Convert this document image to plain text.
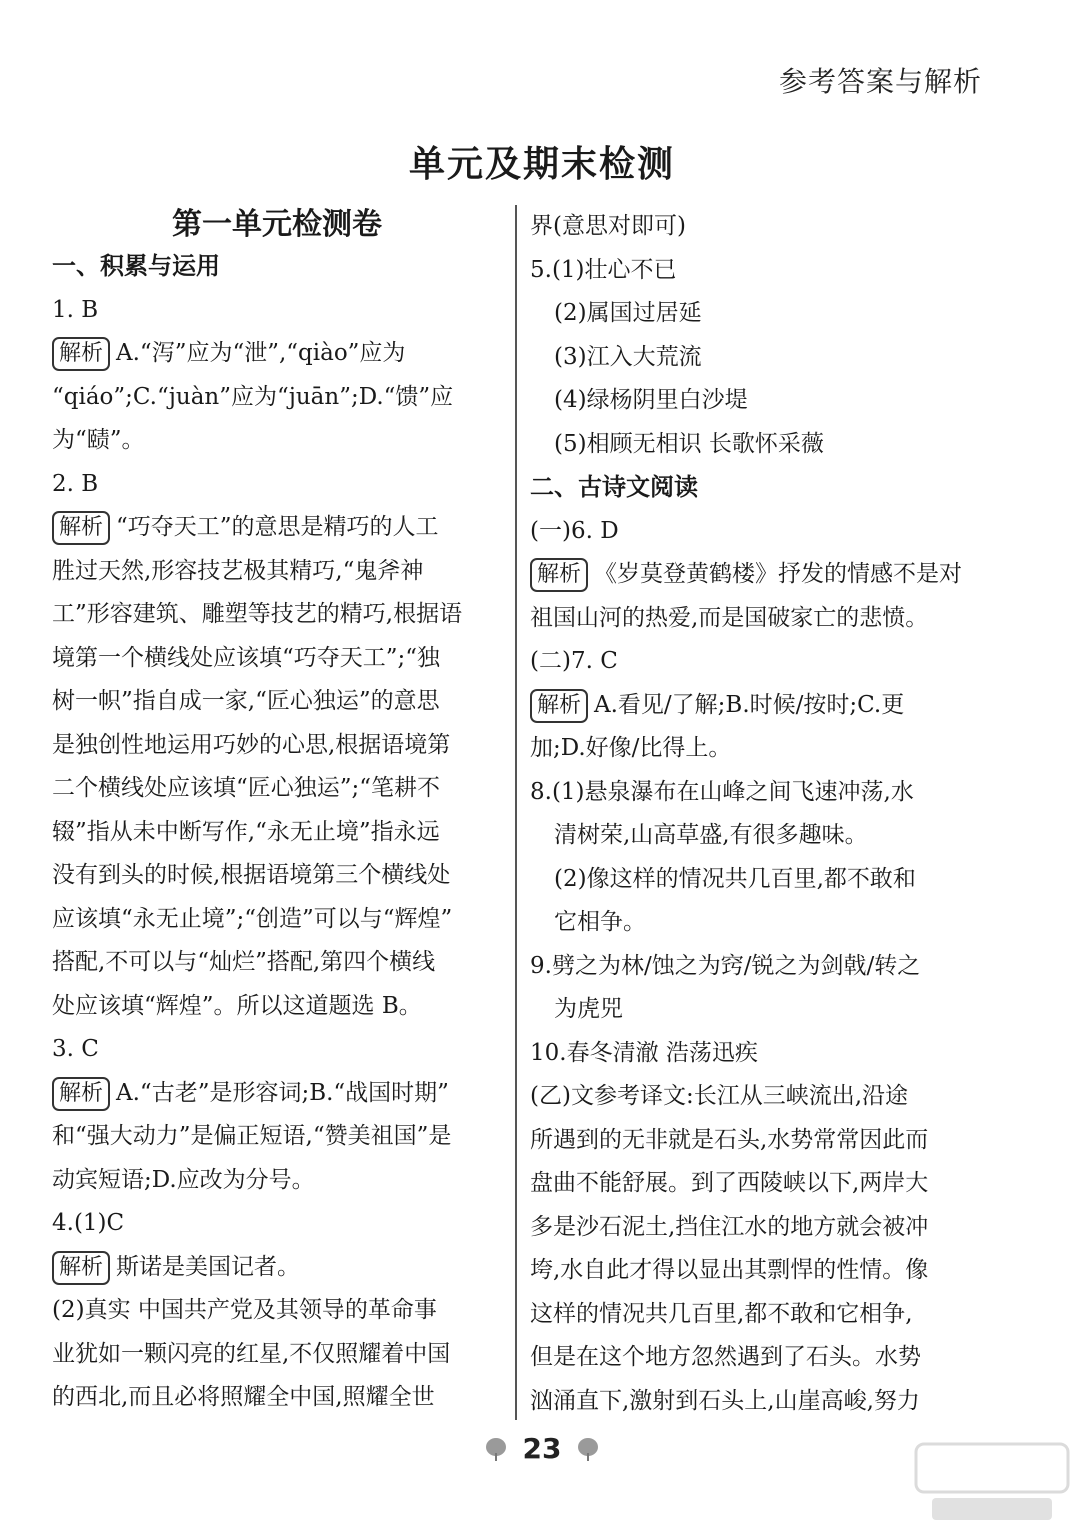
参考答案与解析
单元及期末检测
第一单元检测卷
一、积累与运用
1. B
解析 A.“泻”应为“泄”,“qiào”应为
“qiáo”;C.“juàn”应为“juān”;D.“馈”应
为“赜”。
2. B
解析 “巧夺天工”的意思是精巧的人工
胜过天然,形容技艺极其精巧,“鬼斧神
工”形容建筑、雕塑等技艺的精巧,根据语
境第一个横线处应该填“巧夺天工”;“独
树一帜”指自成一家,“匠心独运”的意思
是独创性地运用巧妙的心思,根据语境第
二个横线处应该填“匠心独运”;“笔耕不
辍”指从未中断写作,“永无止境”指永远
没有到头的时候,根据语境第三个横线处
应该填“永无止境”;“创造”可以与“辉煌”
搭配,不可以与“灿烂”搭配,第四个横线
处应该填“辉煌”。所以这道题选 B。
3. C
解析 A.“古老”是形容词;B.“战国时期”
和“强大动力”是偏正短语,“赞美祖国”是
动宾短语;D.应改为分号。
4.(1)C
解析 斯诺是美国记者。
(2)真实 中国共产党及其领导的革命事
业犹如一颗闪亮的红星,不仅照耀着中国
的西北,而且必将照耀全中国,照耀全世
界(意思对即可)
5.(1)壮心不已
(2)属国过居延
(3)江入大荒流
(4)绿杨阴里白沙堤
(5)相顾无相识 长歌怀采薇
二、古诗文阅读
(一)6. D
解析 《岁莫登黄鹤楼》抒发的情感不是对
祖国山河的热爱,而是国破家亡的悲愤。
(二)7. C
解析 A.看见/了解;B.时候/按时;C.更
加;D.好像/比得上。
8.(1)悬泉瀑布在山峰之间飞速冲荡,水
清树荣,山高草盛,有很多趣味。
(2)像这样的情况共几百里,都不敢和
它相争。
9.劈之为林/蚀之为窍/锐之为剑戟/转之
为虎兕
10.春冬清澈 浩荡迅疾
(乙)文参考译文:长江从三峡流出,沿途
所遇到的无非就是石头,水势常常因此而
盘曲不能舒展。到了西陵峡以下,两岸大
多是沙石泥土,挡住江水的地方就会被冲
垮,水自此才得以显出其剽悍的性情。像
这样的情况共几百里,都不敢和它相争,
但是在这个地方忽然遇到了石头。水势
汹涌直下,激射到石头上,山崖高峻,努力
23
